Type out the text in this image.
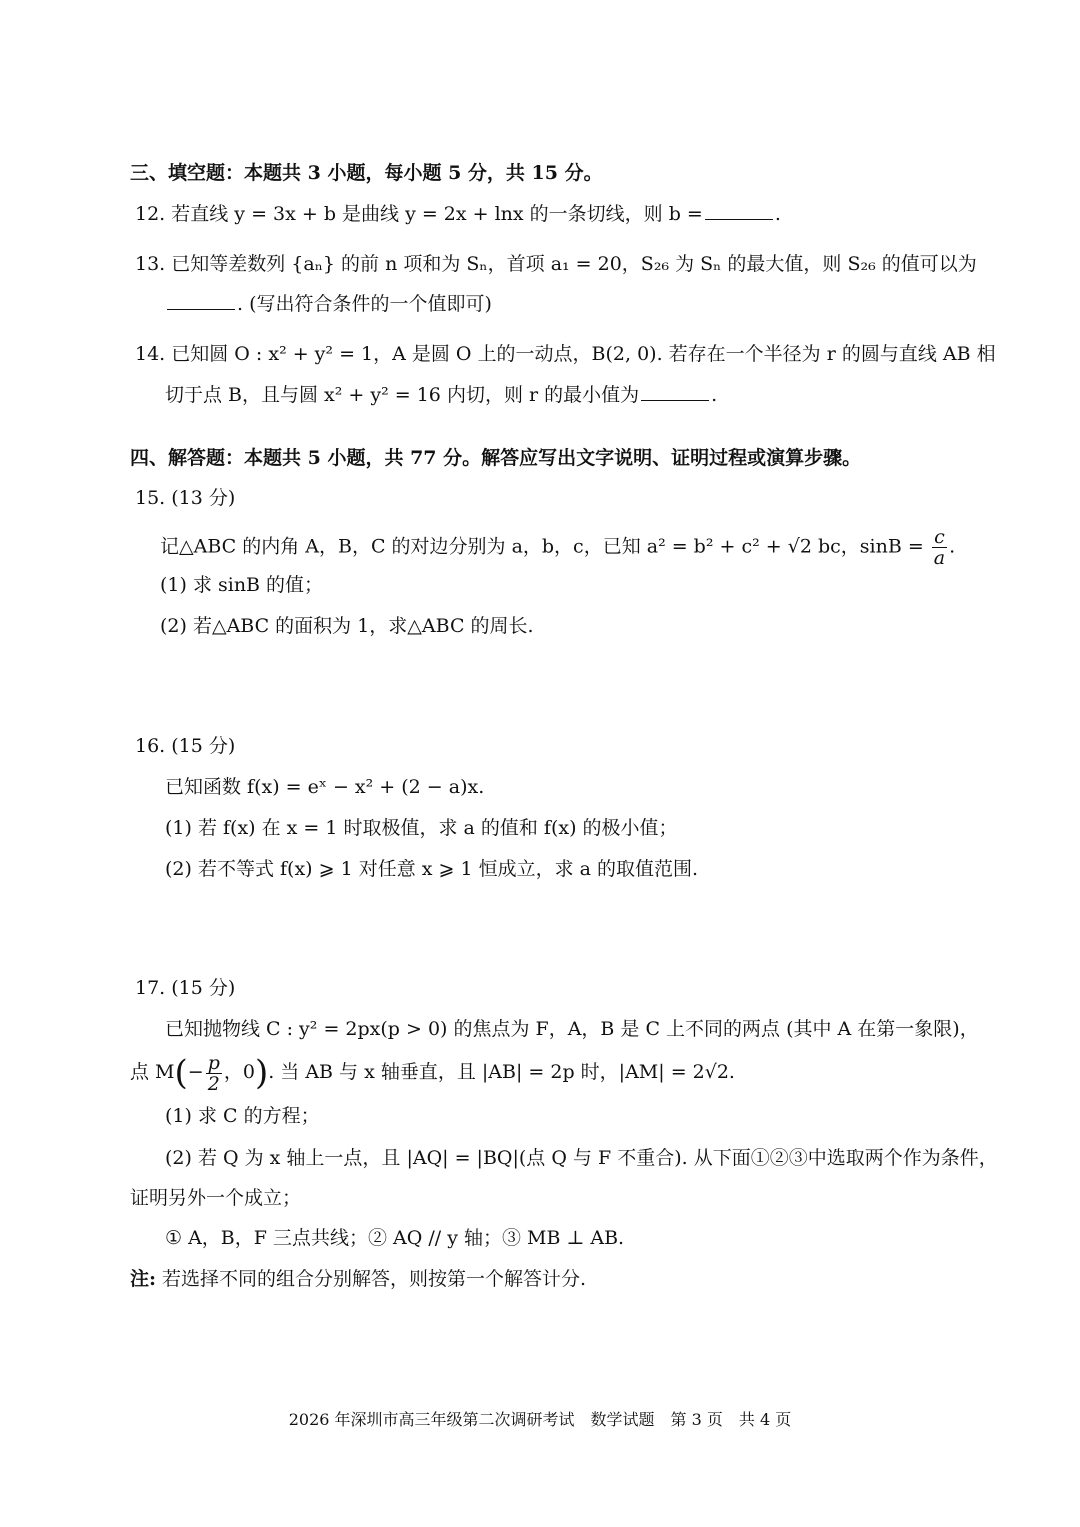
三、填空题：本题共 3 小题，每小题 5 分，共 15 分。
12. 若直线 y = 3x + b 是曲线 y = 2x + lnx 的一条切线，则 b =	.
13. 已知等差数列 {aₙ} 的前 n 项和为 Sₙ，首项 a₁ = 20，S₂₆ 为 Sₙ 的最大值，则 S₂₆ 的值可以为
. (写出符合条件的一个值即可)
14. 已知圆 O : x² + y² = 1，A 是圆 O 上的一动点，B(2, 0). 若存在一个半径为 r 的圆与直线 AB 相
切于点 B，且与圆 x² + y² = 16 内切，则 r 的最小值为	.
四、解答题：本题共 5 小题，共 77 分。解答应写出文字说明、证明过程或演算步骤。
15. (13 分)
记△ABC 的内角 A，B，C 的对边分别为 a，b，c，已知 a² = b² + c² + √2 bc，$\sin B = \frac{c}{a}$ .
(1) 求 sinB 的值；
(2) 若△ABC 的面积为 1，求△ABC 的周长.
16. (15 分)
已知函数 f(x) = eˣ − x² + (2 − a)x.
(1) 若 f(x) 在 x = 1 时取极值，求 a 的值和 f(x) 的极小值；
(2) 若不等式 f(x) ⩾ 1 对任意 x ⩾ 1 恒成立，求 a 的取值范围.
17. (15 分)
已知抛物线 C : y² = 2px(p > 0) 的焦点为 F，A，B 是 C 上不同的两点 (其中 A 在第一象限)，
点 $M(- \frac{p}{2}$ ，0). 当 AB 与 x 轴垂直，且 |AB| = 2p 时，|AM| = 2√2.
(1) 求 C 的方程；
(2) 若 Q 为 x 轴上一点，且 |AQ| = |BQ|(点 Q 与 F 不重合). 从下面①②③中选取两个作为条件，
证明另外一个成立；
① A，B，F 三点共线；② AQ // y 轴；③ MB ⊥ AB.
注: 若选择不同的组合分别解答，则按第一个解答计分.
2026 年深圳市高三年级第二次调研考试　数学试题　第 3 页　共 4 页
